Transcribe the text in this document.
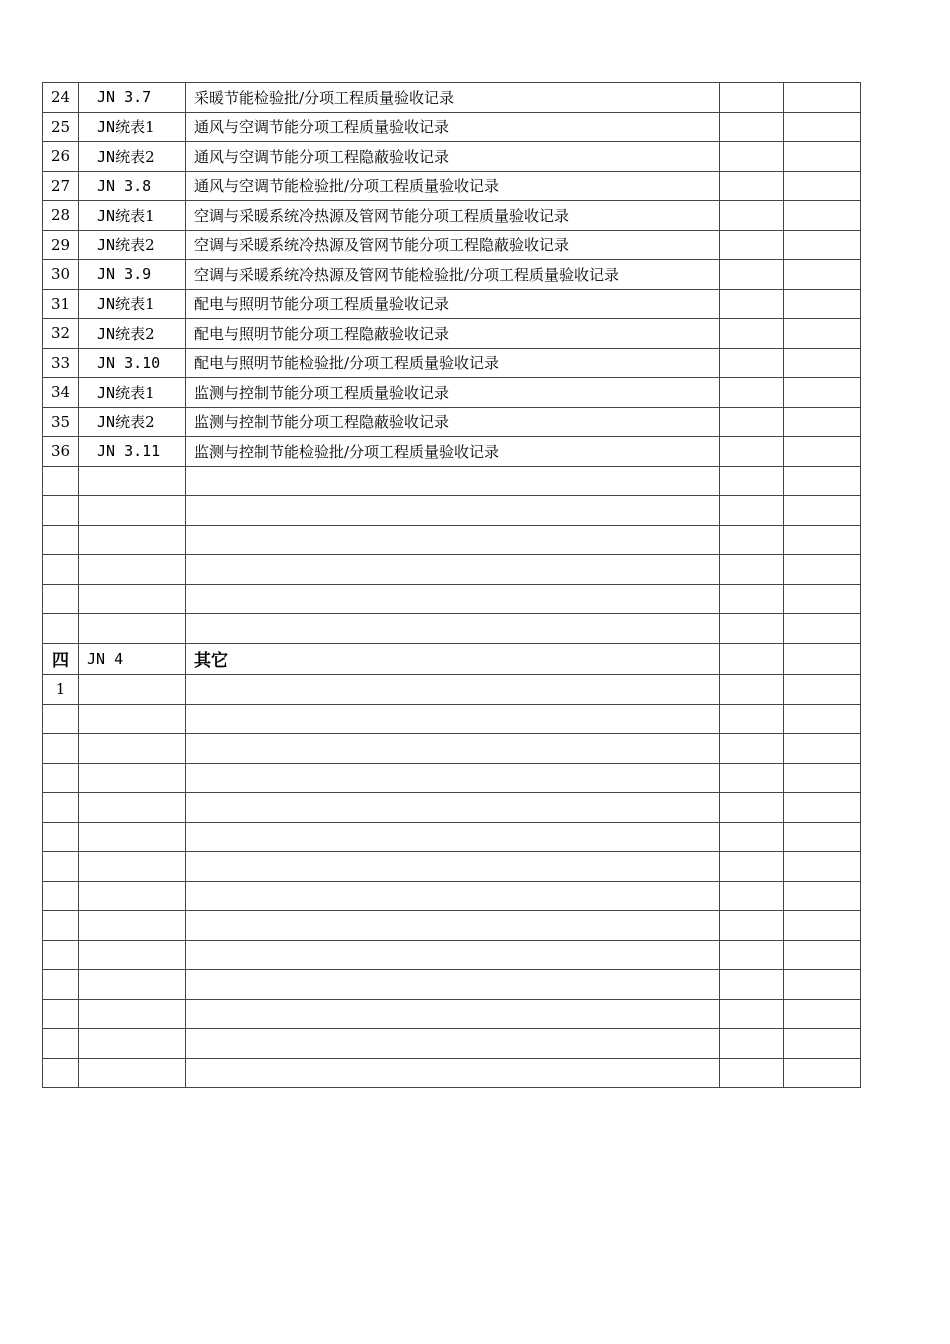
24	JN 3.7	采暖节能检验批/分项工程质量验收记录		
25	JN统表1	通风与空调节能分项工程质量验收记录		
26	JN统表2	通风与空调节能分项工程隐蔽验收记录		
27	JN 3.8	通风与空调节能检验批/分项工程质量验收记录		
28	JN统表1	空调与采暖系统冷热源及管网节能分项工程质量验收记录		
29	JN统表2	空调与采暖系统冷热源及管网节能分项工程隐蔽验收记录		
30	JN 3.9	空调与采暖系统冷热源及管网节能检验批/分项工程质量验收记录		
31	JN统表1	配电与照明节能分项工程质量验收记录		
32	JN统表2	配电与照明节能分项工程隐蔽验收记录		
33	JN 3.10	配电与照明节能检验批/分项工程质量验收记录		
34	JN统表1	监测与控制节能分项工程质量验收记录		
35	JN统表2	监测与控制节能分项工程隐蔽验收记录		
36	JN 3.11	监测与控制节能检验批/分项工程质量验收记录		

四	JN 4	其它		
1				
